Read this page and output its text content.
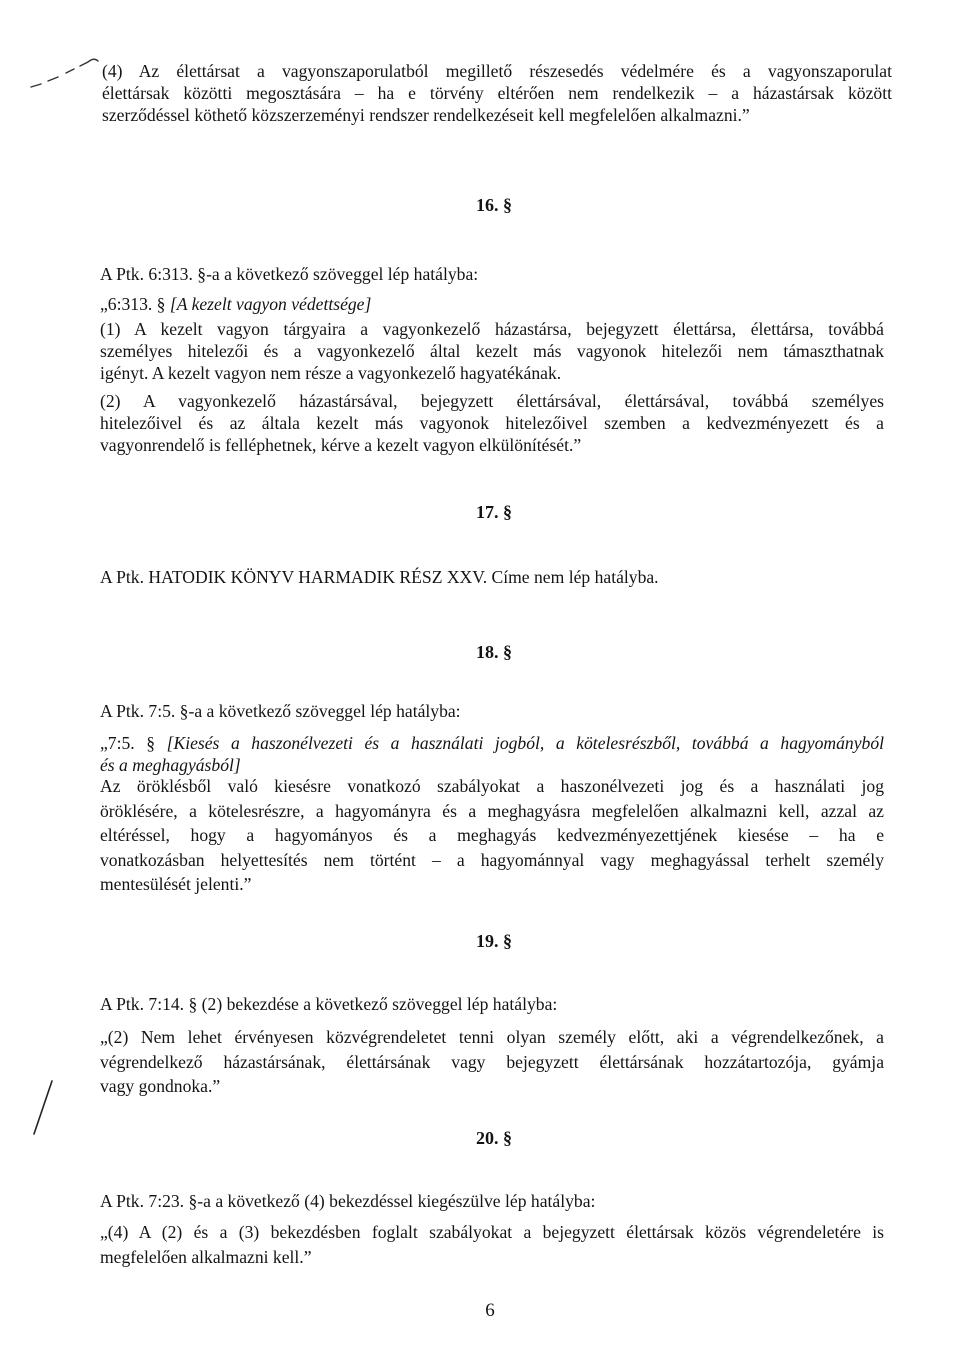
(4) Az élettársat a vagyonszaporulatból megillető részesedés védelmére és a vagyonszaporulat
élettársak közötti megosztására – ha e törvény eltérően nem rendelkezik – a házastársak között
szerződéssel köthető közszerzeményi rendszer rendelkezéseit kell megfelelően alkalmazni.”
16. §
A Ptk. 6:313. §-a a következő szöveggel lép hatályba:
„6:313. § [A kezelt vagyon védettsége]
(1) A kezelt vagyon tárgyaira a vagyonkezelő házastársa, bejegyzett élettársa, élettársa, továbbá
személyes hitelezői és a vagyonkezelő által kezelt más vagyonok hitelezői nem támaszthatnak
igényt. A kezelt vagyon nem része a vagyonkezelő hagyatékának.
(2) A vagyonkezelő házastársával, bejegyzett élettársával, élettársával, továbbá személyes
hitelezőivel és az általa kezelt más vagyonok hitelezőivel szemben a kedvezményezett és a
vagyonrendelő is felléphetnek, kérve a kezelt vagyon elkülönítését.”
17. §
A Ptk. HATODIK KÖNYV HARMADIK RÉSZ XXV. Címe nem lép hatályba.
18. §
A Ptk. 7:5. §-a a következő szöveggel lép hatályba:
„7:5. § [Kiesés a haszonélvezeti és a használati jogból, a kötelesrészből, továbbá a hagyományból
és a meghagyásból]
Az öröklésből való kiesésre vonatkozó szabályokat a haszonélvezeti jog és a használati jog
öröklésére, a kötelesrészre, a hagyományra és a meghagyásra megfelelően alkalmazni kell, azzal az
eltéréssel, hogy a hagyományos és a meghagyás kedvezményezettjének kiesése – ha e
vonatkozásban helyettesítés nem történt – a hagyománnyal vagy meghagyással terhelt személy
mentesülését jelenti.”
19. §
A Ptk. 7:14. § (2) bekezdése a következő szöveggel lép hatályba:
„(2) Nem lehet érvényesen közvégrendeletet tenni olyan személy előtt, aki a végrendelkezőnek, a
végrendelkező házastársának, élettársának vagy bejegyzett élettársának hozzátartozója, gyámja
vagy gondnoka.”
20. §
A Ptk. 7:23. §-a a következő (4) bekezdéssel kiegészülve lép hatályba:
„(4) A (2) és a (3) bekezdésben foglalt szabályokat a bejegyzett élettársak közös végrendeletére is
megfelelően alkalmazni kell.”
6
